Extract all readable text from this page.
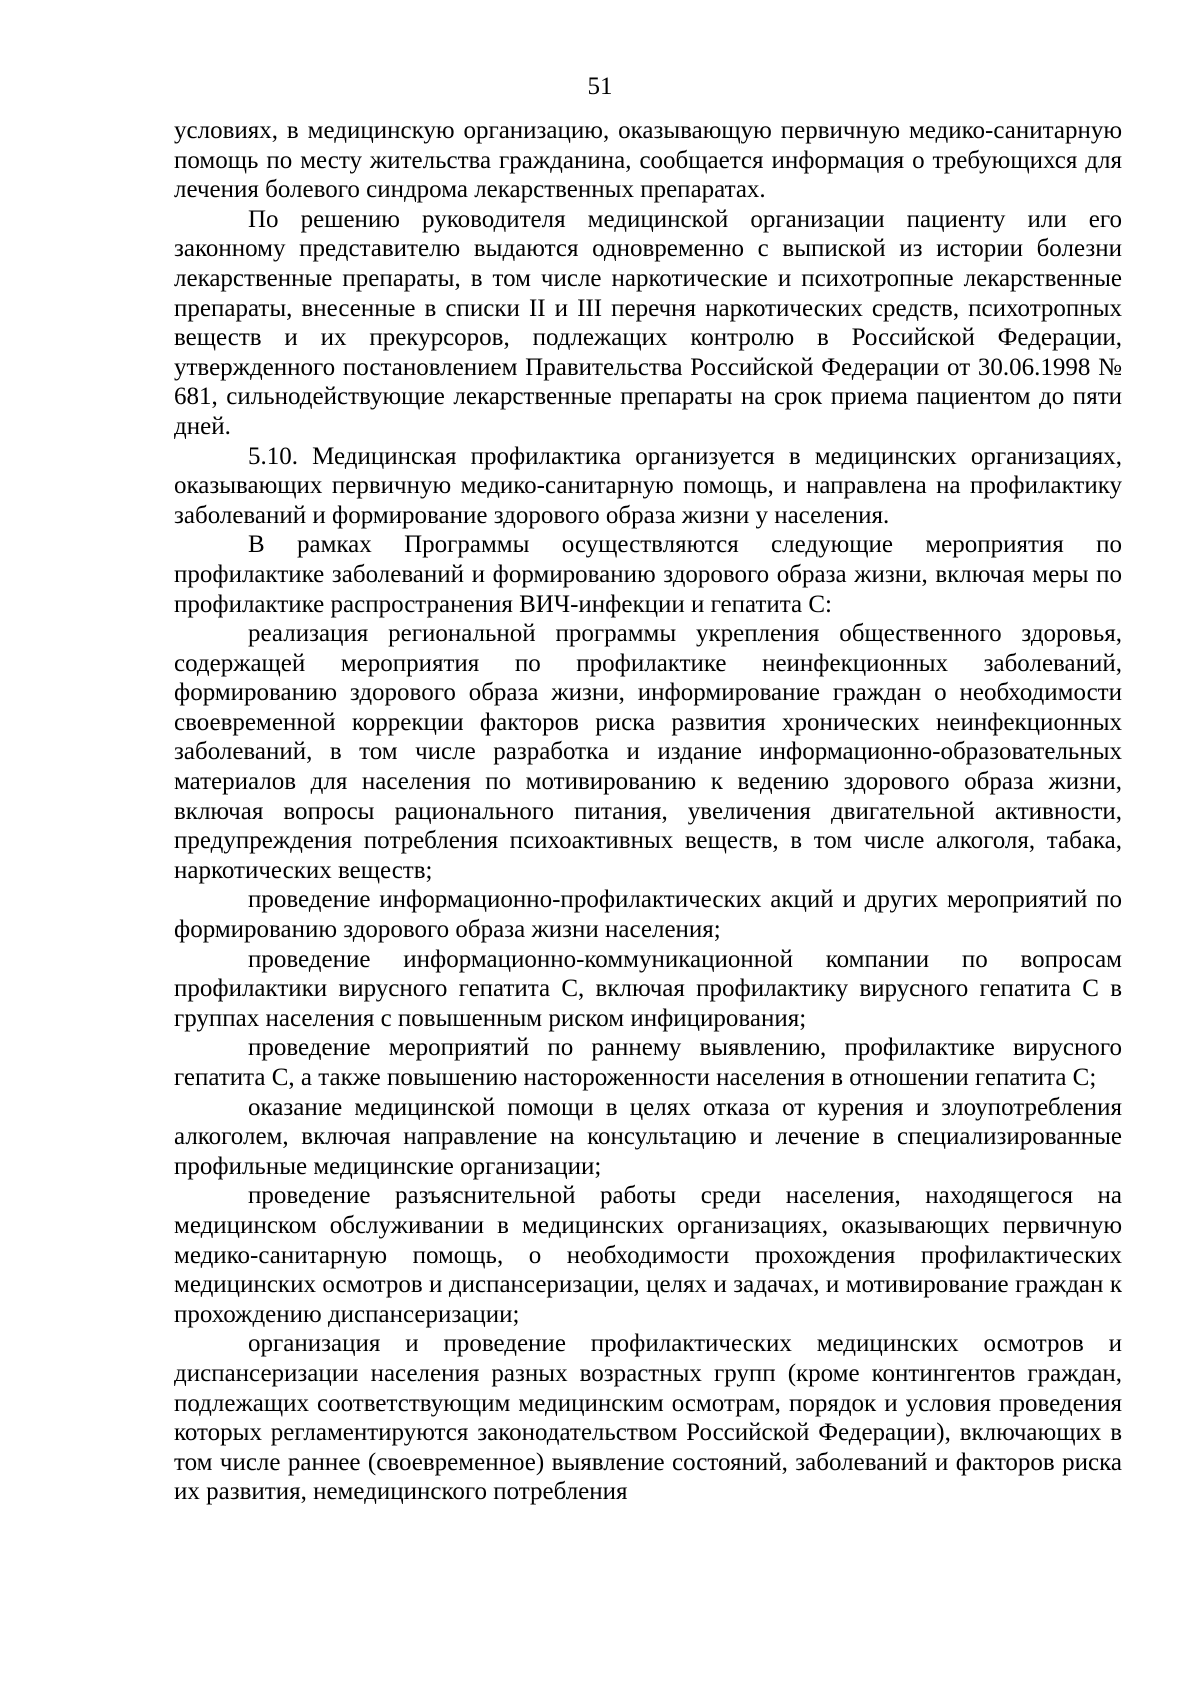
51

условиях, в медицинскую организацию, оказывающую первичную медико-санитарную помощь по месту жительства гражданина, сообщается информация о требующихся для лечения болевого синдрома лекарственных препаратах.

По решению руководителя медицинской организации пациенту или его законному представителю выдаются одновременно с выпиской из истории болезни лекарственные препараты, в том числе наркотические и психотропные лекарственные препараты, внесенные в списки II и III перечня наркотических средств, психотропных веществ и их прекурсоров, подлежащих контролю в Российской Федерации, утвержденного постановлением Правительства Российской Федерации от 30.06.1998 № 681, сильнодействующие лекарственные препараты на срок приема пациентом до пяти дней.

5.10. Медицинская профилактика организуется в медицинских организациях, оказывающих первичную медико-санитарную помощь, и направлена на профилактику заболеваний и формирование здорового образа жизни у населения.

В рамках Программы осуществляются следующие мероприятия по профилактике заболеваний и формированию здорового образа жизни, включая меры по профилактике распространения ВИЧ-инфекции и гепатита С:

реализация региональной программы укрепления общественного здоровья, содержащей мероприятия по профилактике неинфекционных заболеваний, формированию здорового образа жизни, информирование граждан о необходимости своевременной коррекции факторов риска развития хронических неинфекционных заболеваний, в том числе разработка и издание информационно-образовательных материалов для населения по мотивированию к ведению здорового образа жизни, включая вопросы рационального питания, увеличения двигательной активности, предупреждения потребления психоактивных веществ, в том числе алкоголя, табака, наркотических веществ;

проведение информационно-профилактических акций и других мероприятий по формированию здорового образа жизни населения;

проведение информационно-коммуникационной компании по вопросам профилактики вирусного гепатита С, включая профилактику вирусного гепатита С в группах населения с повышенным риском инфицирования;

проведение мероприятий по раннему выявлению, профилактике вирусного гепатита С, а также повышению настороженности населения в отношении гепатита С;

оказание медицинской помощи в целях отказа от курения и злоупотребления алкоголем, включая направление на консультацию и лечение в специализированные профильные медицинские организации;

проведение разъяснительной работы среди населения, находящегося на медицинском обслуживании в медицинских организациях, оказывающих первичную медико-санитарную помощь, о необходимости прохождения профилактических медицинских осмотров и диспансеризации, целях и задачах, и мотивирование граждан к прохождению диспансеризации;

организация и проведение профилактических медицинских осмотров и диспансеризации населения разных возрастных групп (кроме контингентов граждан, подлежащих соответствующим медицинским осмотрам, порядок и условия проведения которых регламентируются законодательством Российской Федерации), включающих в том числе раннее (своевременное) выявление состояний, заболеваний и факторов риска их развития, немедицинского потребления
